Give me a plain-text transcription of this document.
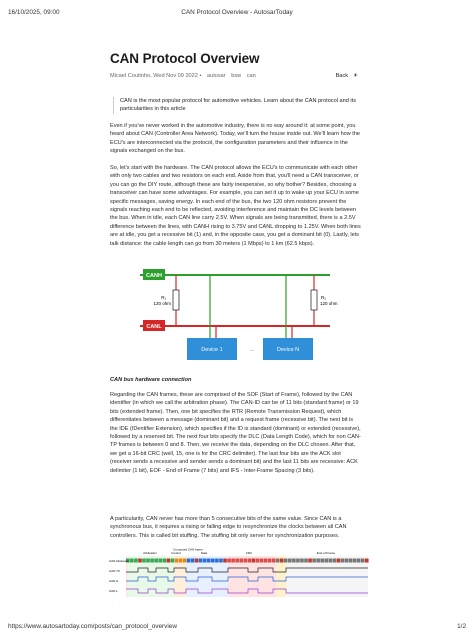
16/10/2025, 09:00	CAN Protocol Overview - AutosarToday
CAN Protocol Overview
Micael Coutinho, Wed Nov 09 2022 • autosar bsw can	Back ☀
CAN is the most popular protocol for automotive vehicles. Learn about the CAN protocol and its particularities in this article
Even if you've never worked in the automotive industry, there is no way around it: at some point, you heard about CAN (Controller Area Network). Today, we'll turn the house inside out. We'll learn how the ECU's are interconnected via the protocol, the configuration parameters and their influence in the signals exchanged on the bus.
So, let's start with the hardware. The CAN protocol allows the ECU's to communicate with each other with only two cables and two resistors on each end. Aside from that, you'll need a CAN transceiver, or you can go the DIY route, although these are fairly inexpensive, so why bother? Besides, choosing a transceiver can have some advantages. For example, you can set it up to wake up your ECU in some specific messages, saving energy. In each end of the bus, the two 120 ohm resistors prevent the signals reaching each end to be reflected, avoiding interference and maintain the DC levels between the bus. When in idle, each CAN line carry 2.5V. When signals are being transmitted, there is a 2.5V difference between the lines, with CANH rising to 3.75V and CANL dropping to 1.25V. When both lines are at idle, you get a recessive bit (1) and, in the opposite case, you get a dominant bit (0). Lastly, lets talk distance: the cable length can go from 30 meters (1 Mbps) to 1 km (62.5 kbps).
CANH
CANL
R₁
120 ohm
R₂
120 ohm
Device 1	...	Device N
CAN bus hardware connection
Regarding the CAN frames, these are comprised of the SOF (Start of Frame), followed by the CAN identifier (in which we call the arbitration phase). The CAN-ID can be of 11 bits (standard frame) or 19 bits (extended frame). Then, one bit specifies the RTR (Remote Transmission Request), which differentiates between a message (dominant bit) and a request frame (recessive bit). The next bit is the IDE (IDentifier Extension), which specifies if the ID is standard (dominant) or extended (recessive), followed by a reserved bit. The next four bits specify the DLC (Data Length Code), which for non CAN-TP frames is between 0 and 8. Then, we receive the data, depending on the DLC chosen. After that, we get a 16-bit CRC (well, 15, one is for the CRC delimiter). The last four bits are the ACK slot (receiver sends a recessive and sender sends a dominant bit) and the last 11 bits are recessive: ACK delimiter (1 bit), EOF - End of Frame (7 bits) and IFS - Inter-Frame Spacing (3 bits).
A particularity, CAN never has more than 5 consecutive bits of the same value. Since CAN is a synchronous bus, it requires a rising or falling edge to resynchronize the clocks between all CAN controllers. This is called bit stuffing. The stuffing bit only server for synchronization purposes.
Computed CAN frame
Arbitration	Control	Data	CRC	End of Frame
CAN bitstream
CAN TX
CAN H
CAN L
https://www.autosartoday.com/posts/can_protocol_overview	1/2
